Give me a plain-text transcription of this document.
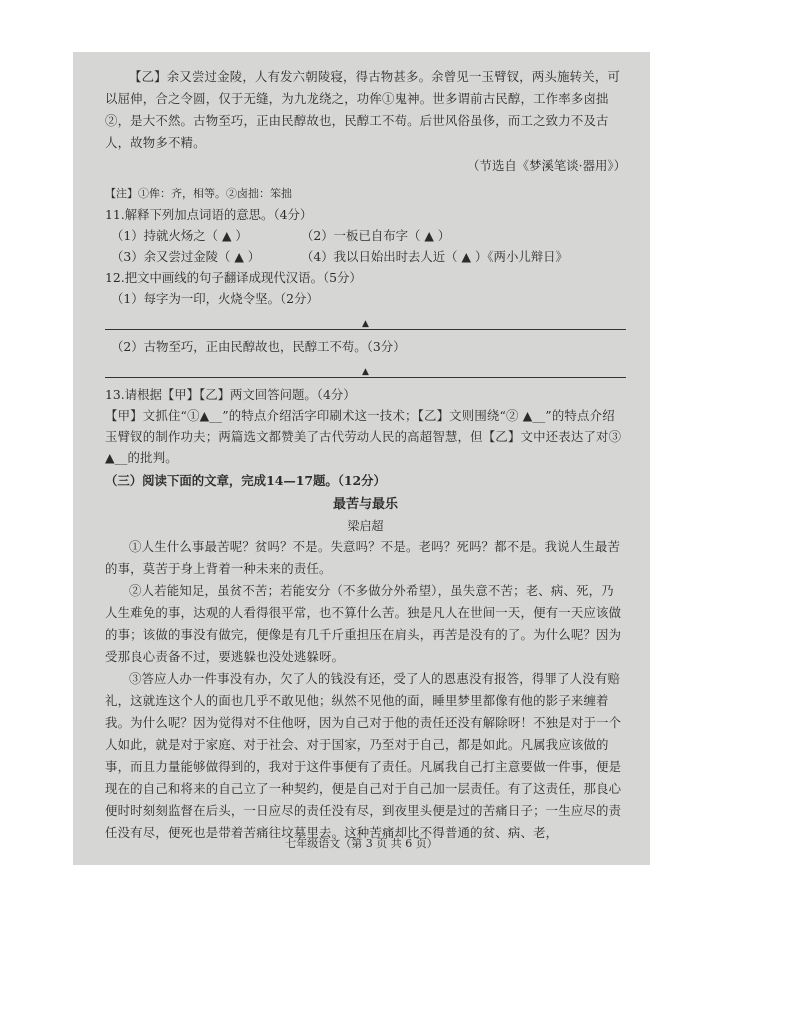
【乙】余又尝过金陵，人有发六朝陵寝，得古物甚多。余曾见一玉臂钗，两头施转关，可以屈伸，合之令圆，仅于无缝，为九龙绕之，功侔①鬼神。世多谓前古民醇，工作率多卤拙②，是大不然。古物至巧，正由民醇故也，民醇工不苟。后世风俗虽侈，而工之致力不及古人，故物多不精。

（节选自《梦溪笔谈·器用》）

【注】①侔：齐，相等。②卤拙：笨拙

11.解释下列加点词语的意思。（4分）

（1）持就火炀之（ ▲ ）	（2）一板已自布字（ ▲ ）
（3）余又尝过金陵（ ▲ ）	（4）我以日始出时去人近（ ▲ ）《两小儿辩日》

12.把文中画线的句子翻译成现代汉语。（5分）

（1）每字为一印，火烧令坚。（2分）

▲

（2）古物至巧，正由民醇故也，民醇工不苟。（3分）

▲

13.请根据【甲】【乙】两文回答问题。（4分）

【甲】文抓住“①▲__”的特点介绍活字印刷术这一技术；【乙】文则围绕“② ▲__”的特点介绍玉臂钗的制作功夫；两篇选文都赞美了古代劳动人民的高超智慧，但【乙】文中还表达了对③ ▲__的批判。

（三）阅读下面的文章，完成14—17题。（12分）

最苦与最乐

梁启超

①人生什么事最苦呢？贫吗？不是。失意吗？不是。老吗？死吗？都不是。我说人生最苦的事，莫苦于身上背着一种未来的责任。

②人若能知足，虽贫不苦；若能安分（不多做分外希望），虽失意不苦；老、病、死，乃人生难免的事，达观的人看得很平常，也不算什么苦。独是凡人在世间一天，便有一天应该做的事；该做的事没有做完，便像是有几千斤重担压在肩头，再苦是没有的了。为什么呢？因为受那良心责备不过，要逃躲也没处逃躲呀。

③答应人办一件事没有办，欠了人的钱没有还，受了人的恩惠没有报答，得罪了人没有赔礼，这就连这个人的面也几乎不敢见他；纵然不见他的面，睡里梦里都像有他的影子来缠着我。为什么呢？因为觉得对不住他呀，因为自己对于他的责任还没有解除呀！不独是对于一个人如此，就是对于家庭、对于社会、对于国家，乃至对于自己，都是如此。凡属我应该做的事，而且力量能够做得到的，我对于这件事便有了责任。凡属我自己打主意要做一件事，便是现在的自己和将来的自己立了一种契约，便是自己对于自己加一层责任。有了这责任，那良心便时时刻刻监督在后头，一日应尽的责任没有尽，到夜里头便是过的苦痛日子；一生应尽的责任没有尽，便死也是带着苦痛往坟墓里去。这种苦痛却比不得普通的贫、病、老，

七年级语文（第 3 页 共 6 页）
